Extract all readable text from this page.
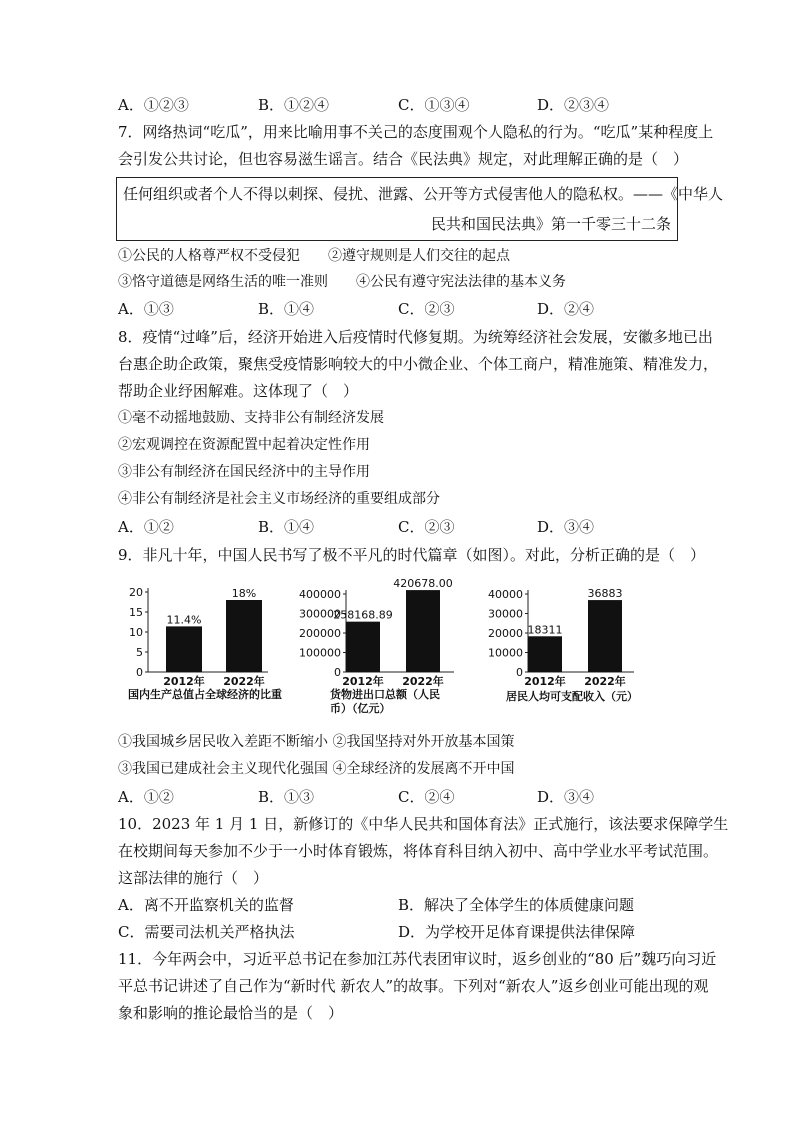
A．①②③	B．①②④	C．①③④	D．②③④
7．网络热词“吃瓜”，用来比喻用事不关己的态度围观个人隐私的行为。“吃瓜”某种程度上
会引发公共讨论，但也容易滋生谣言。结合《民法典》规定，对此理解正确的是（　）
任何组织或者个人不得以刺探、侵扰、泄露、公开等方式侵害他人的隐私权。——《中华人
民共和国民法典》第一千零三十二条
①公民的人格尊严权不受侵犯　　②遵守规则是人们交往的起点
③恪守道德是网络生活的唯一准则　　④公民有遵守宪法法律的基本义务
A．①③	B．①④	C．②③	D．②④
8．疫情“过峰”后，经济开始进入后疫情时代修复期。为统筹经济社会发展，安徽多地已出
台惠企助企政策，聚焦受疫情影响较大的中小微企业、个体工商户，精准施策、精准发力，
帮助企业纾困解难。这体现了（　）
①毫不动摇地鼓励、支持非公有制经济发展
②宏观调控在资源配置中起着决定性作用
③非公有制经济在国民经济中的主导作用
④非公有制经济是社会主义市场经济的重要组成部分
A．①②	B．①④	C．②③	D．③④
9．非凡十年，中国人民书写了极不平凡的时代篇章（如图）。对此，分析正确的是（　）
0
5
10
15
20
11.4%
2012年
18%
2022年
国内生产总值占全球经济的比重
0
100000
200000
300000
400000
258168.89
2012年
420678.00
2022年
货物进出口总额（人民
币）（亿元）
0
10000
20000
30000
40000
18311
2012年
36883
2022年
居民人均可支配收入（元）
①我国城乡居民收入差距不断缩小 ②我国坚持对外开放基本国策
③我国已建成社会主义现代化强国 ④全球经济的发展离不开中国
A．①②	B．①③	C．②④	D．③④
10．2023 年 1 月 1 日，新修订的《中华人民共和国体育法》正式施行，该法要求保障学生
在校期间每天参加不少于一小时体育锻炼，将体育科目纳入初中、高中学业水平考试范围。
这部法律的施行（　）
A．离不开监察机关的监督	B．解决了全体学生的体质健康问题
C．需要司法机关严格执法	D．为学校开足体育课提供法律保障
11．今年两会中，习近平总书记在参加江苏代表团审议时，返乡创业的“80 后”魏巧向习近
平总书记讲述了自己作为“新时代 新农人”的故事。下列对“新农人”返乡创业可能出现的观
象和影响的推论最恰当的是（　）
